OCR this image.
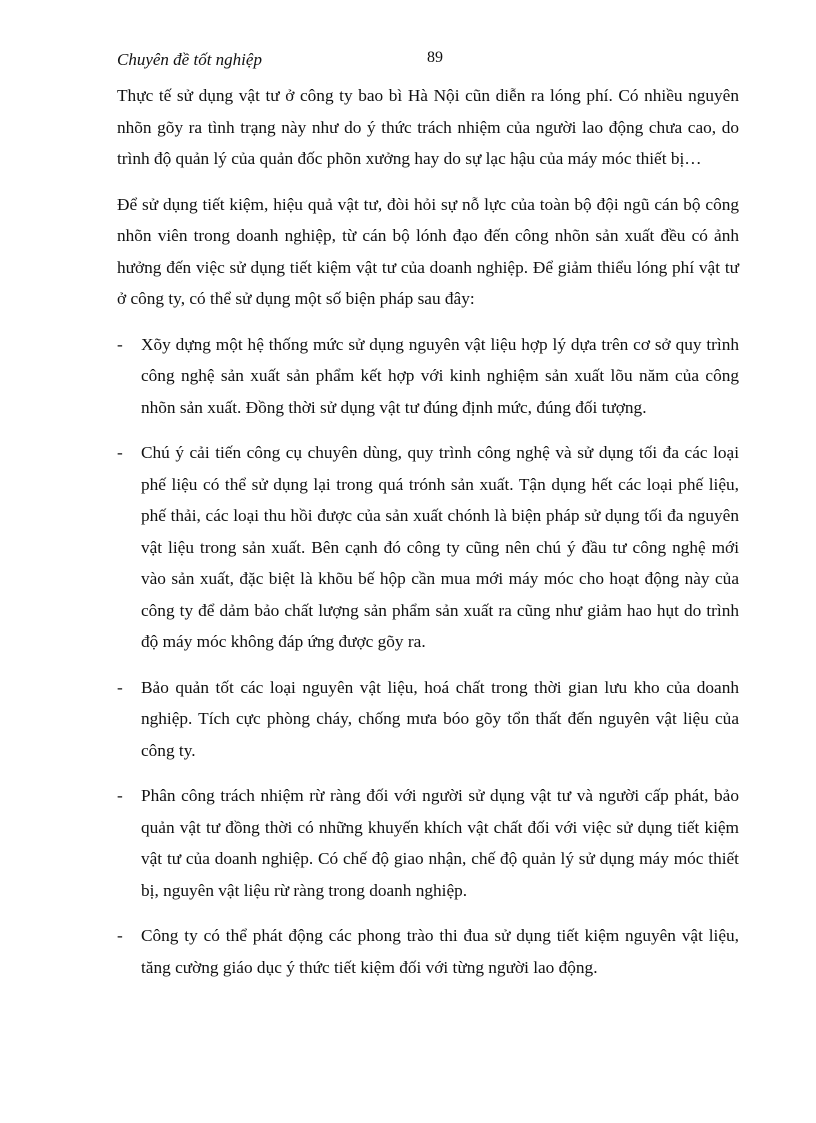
Chuyên đề tốt nghiệp	89

Thực tế sử dụng vật tư ở công ty bao bì Hà Nội cũn diễn ra lóng phí. Có nhiều nguyên nhõn gõy ra tình trạng này như do ý thức trách nhiệm của người lao động chưa cao, do trình độ quản lý của quản đốc phõn xưởng hay do sự lạc hậu của máy móc thiết bị…

Để sử dụng tiết kiệm, hiệu quả vật tư, đòi hỏi sự nỗ lực của toàn bộ đội ngũ cán bộ công nhõn viên trong doanh nghiệp, từ cán bộ lónh đạo đến công nhõn sản xuất đều có ảnh hưởng đến việc sử dụng tiết kiệm vật tư của doanh nghiệp. Để giảm thiểu lóng phí vật tư ở công ty, có thể sử dụng một số biện pháp sau đây:

-	Xõy dựng một hệ thống mức sử dụng nguyên vật liệu hợp lý dựa trên cơ sở quy trình công nghệ sản xuất sản phẩm kết hợp với kinh nghiệm sản xuất lõu năm của công nhõn sản xuất. Đồng thời sử dụng vật tư đúng định mức, đúng đối tượng.

-	Chú ý cải tiến công cụ chuyên dùng, quy trình công nghệ và sử dụng tối đa các loại phế liệu có thể sử dụng lại trong quá trónh sản xuất. Tận dụng hết các loại phế liệu, phế thải, các loại thu hồi được của sản xuất chónh là biện pháp sử dụng tối đa nguyên vật liệu trong sản xuất. Bên cạnh đó công ty cũng nên chú ý đầu tư công nghệ mới vào sản xuất, đặc biệt là khõu bế hộp cần mua mới máy móc cho hoạt động này của công ty để dảm bảo chất lượng sản phẩm sản xuất ra cũng như giảm hao hụt do trình độ máy móc không đáp ứng được gõy ra.

-	Bảo quản tốt các loại nguyên vật liệu, hoá chất trong thời gian lưu kho của doanh nghiệp. Tích cực phòng cháy, chống mưa bóo gõy tổn thất đến nguyên vật liệu của công ty.

-	Phân công trách nhiệm rừ ràng đối với người sử dụng vật tư và người cấp phát, bảo quản vật tư đồng thời có những khuyến khích vật chất đối với việc sử dụng tiết kiệm vật tư của doanh nghiệp. Có chế độ giao nhận, chế độ quản lý sử dụng máy móc thiết bị, nguyên vật liệu rừ ràng trong doanh nghiệp.

-	Công ty có thể phát động các phong trào thi đua sử dụng tiết kiệm nguyên vật liệu, tăng cường giáo dục ý thức tiết kiệm đối với từng người lao động.
